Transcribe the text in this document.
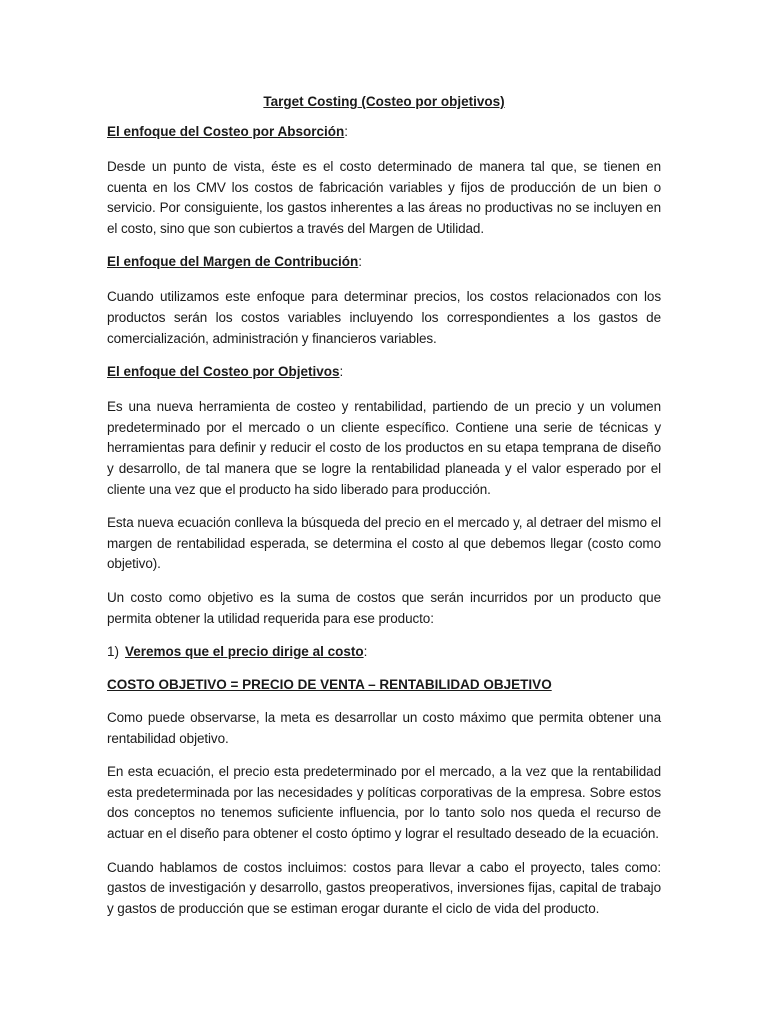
Target Costing (Costeo por objetivos)
El enfoque del Costeo por Absorción:

Desde un punto de vista, éste es el costo determinado de manera tal que, se tienen en cuenta en los CMV los costos de fabricación variables y fijos de producción de un bien o servicio. Por consiguiente, los gastos inherentes a las áreas no productivas no se incluyen en el costo, sino que son cubiertos a través del Margen de Utilidad.

El enfoque del Margen de Contribución:

Cuando utilizamos este enfoque para determinar precios, los costos relacionados con los productos serán los costos variables incluyendo los correspondientes a los gastos de comercialización, administración y financieros variables.

El enfoque del Costeo por Objetivos:

Es una nueva herramienta de costeo y rentabilidad, partiendo de un precio y un volumen predeterminado por el mercado o un cliente específico. Contiene una serie de técnicas y herramientas para definir y reducir el costo de los productos en su etapa temprana de diseño y desarrollo, de tal manera que se logre la rentabilidad planeada y el valor esperado por el cliente una vez que el producto ha sido liberado para producción.

Esta nueva ecuación conlleva la búsqueda del precio en el mercado y, al detraer del mismo el margen de rentabilidad esperada, se determina el costo al que debemos llegar (costo como objetivo).

Un costo como objetivo es la suma de costos que serán incurridos por un producto que permita obtener la utilidad requerida para ese producto:

1) Veremos que el precio dirige al costo:
COSTO OBJETIVO = PRECIO DE VENTA – RENTABILIDAD OBJETIVO

Como puede observarse, la meta es desarrollar un costo máximo que permita obtener una rentabilidad objetivo.

En esta ecuación, el precio esta predeterminado por el mercado, a la vez que la rentabilidad esta predeterminada por las necesidades y políticas corporativas de la empresa. Sobre estos dos conceptos no tenemos suficiente influencia, por lo tanto solo nos queda el recurso de actuar en el diseño para obtener el costo óptimo y lograr el resultado deseado de la ecuación.

Cuando hablamos de costos incluimos: costos para llevar a cabo el proyecto, tales como: gastos de investigación y desarrollo, gastos preoperativos, inversiones fijas, capital de trabajo y gastos de producción que se estiman erogar durante el ciclo de vida del producto.
